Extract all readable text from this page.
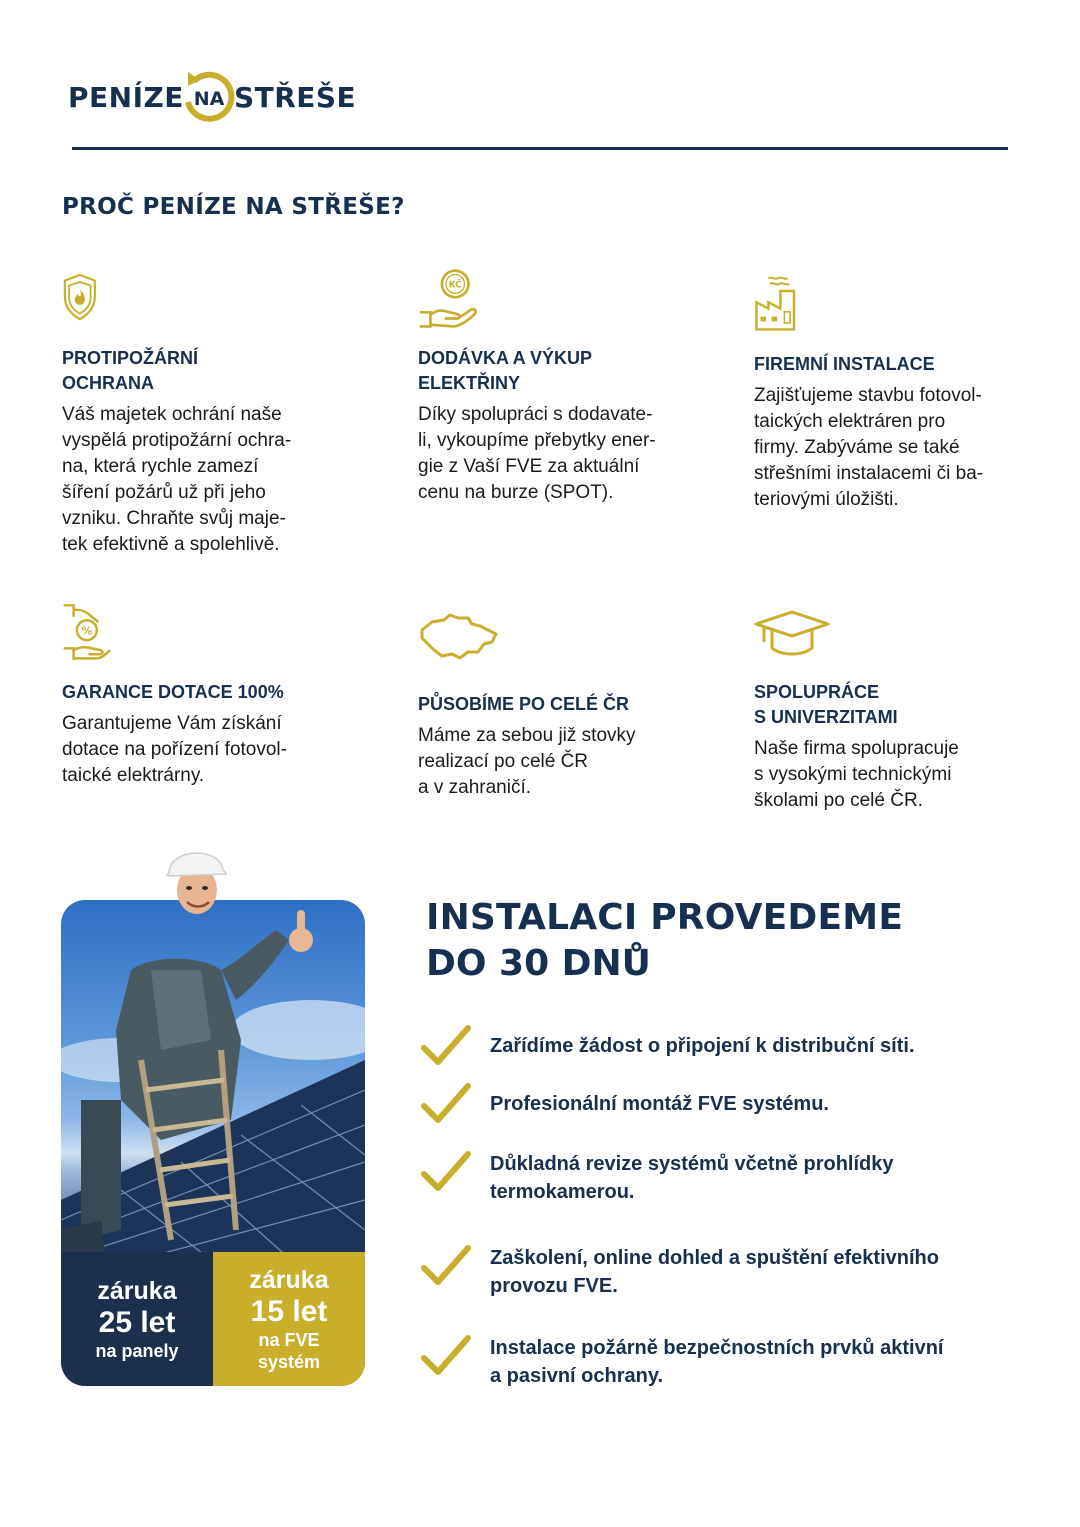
PENÍZE NA STŘEŠE
PROČ PENÍZE NA STŘEŠE?
PROTIPOŽÁRNÍ
OCHRANA
Váš majetek ochrání naše
vyspělá protipožární ochra-
na, která rychle zamezí
šíření požárů už při jeho
vzniku. Chraňte svůj maje-
tek efektivně a spolehlivě.
KČ
DODÁVKA A VÝKUP
ELEKTŘINY
Díky spolupráci s dodavate-
li, vykoupíme přebytky ener-
gie z Vaší FVE za aktuální
cenu na burze (SPOT).
FIREMNÍ INSTALACE
Zajišťujeme stavbu fotovol-
taických elektráren pro
firmy. Zabýváme se také
střešními instalacemi či ba-
teriovými úložišti.
%
GARANCE DOTACE 100%
Garantujeme Vám získání
dotace na pořízení fotovol-
taické elektrárny.
PŮSOBÍME PO CELÉ ČR
Máme za sebou již stovky
realizací po celé ČR
a v zahraničí.
SPOLUPRÁCE
S UNIVERZITAMI
Naše firma spolupracuje
s vysokými technickými
školami po celé ČR.
záruka
25 let
na panely
záruka
15 let
na FVE
systém
INSTALACI PROVEDEME
DO 30 DNŮ
Zařídíme žádost o připojení k distribuční síti.
Profesionální montáž FVE systému.
Důkladná revize systémů včetně prohlídky
termokamerou.
Zaškolení, online dohled a spuštění efektivního
provozu FVE.
Instalace požárně bezpečnostních prvků aktivní
a pasivní ochrany.
